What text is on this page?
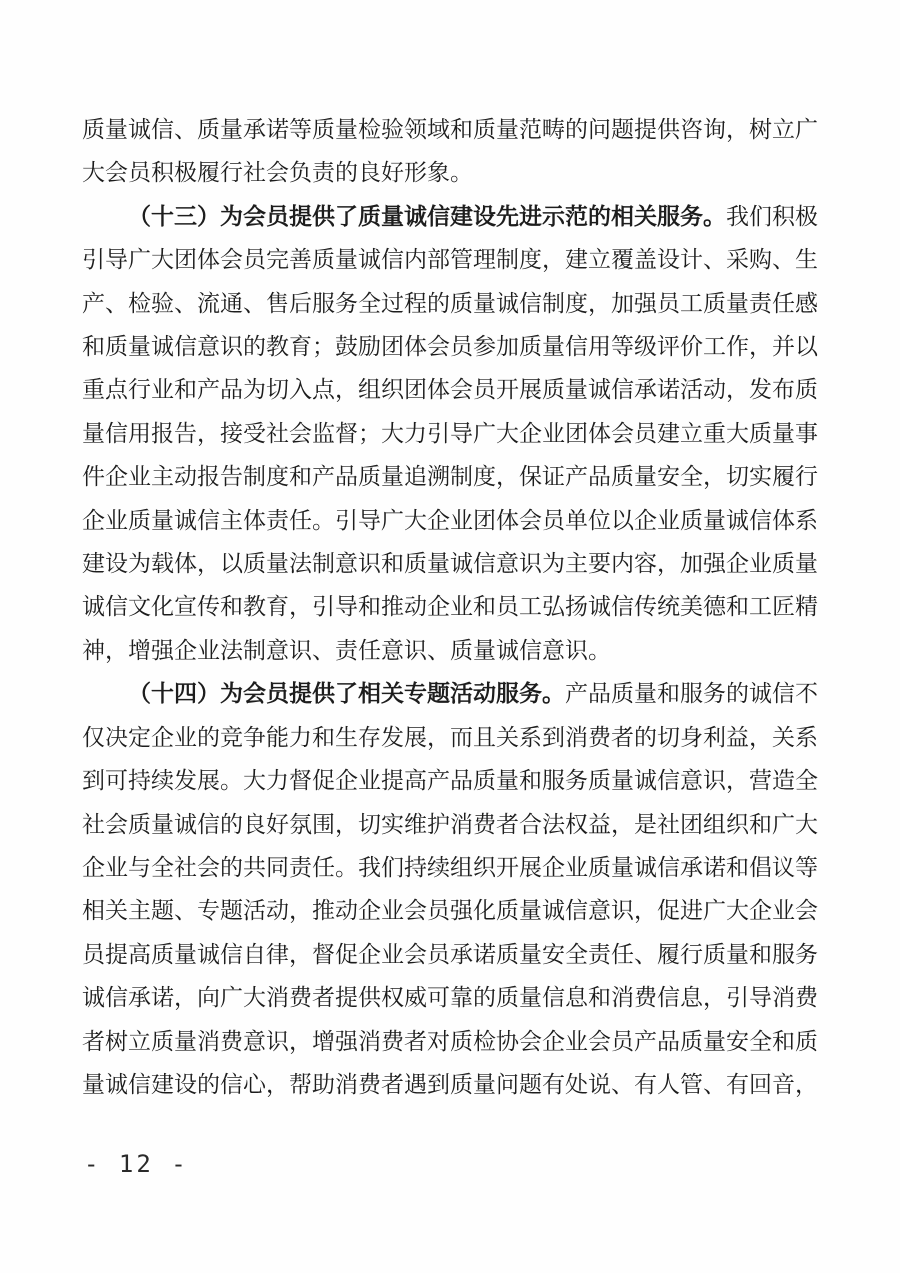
质量诚信、质量承诺等质量检验领域和质量范畴的问题提供咨询，树立广大会员积极履行社会负责的良好形象。

（十三）为会员提供了质量诚信建设先进示范的相关服务。我们积极引导广大团体会员完善质量诚信内部管理制度，建立覆盖设计、采购、生产、检验、流通、售后服务全过程的质量诚信制度，加强员工质量责任感和质量诚信意识的教育；鼓励团体会员参加质量信用等级评价工作，并以重点行业和产品为切入点，组织团体会员开展质量诚信承诺活动，发布质量信用报告，接受社会监督；大力引导广大企业团体会员建立重大质量事件企业主动报告制度和产品质量追溯制度，保证产品质量安全，切实履行企业质量诚信主体责任。引导广大企业团体会员单位以企业质量诚信体系建设为载体，以质量法制意识和质量诚信意识为主要内容，加强企业质量诚信文化宣传和教育，引导和推动企业和员工弘扬诚信传统美德和工匠精神，增强企业法制意识、责任意识、质量诚信意识。

（十四）为会员提供了相关专题活动服务。产品质量和服务的诚信不仅决定企业的竞争能力和生存发展，而且关系到消费者的切身利益，关系到可持续发展。大力督促企业提高产品质量和服务质量诚信意识，营造全社会质量诚信的良好氛围，切实维护消费者合法权益，是社团组织和广大企业与全社会的共同责任。我们持续组织开展企业质量诚信承诺和倡议等相关主题、专题活动，推动企业会员强化质量诚信意识，促进广大企业会员提高质量诚信自律，督促企业会员承诺质量安全责任、履行质量和服务诚信承诺，向广大消费者提供权威可靠的质量信息和消费信息，引导消费者树立质量消费意识，增强消费者对质检协会企业会员产品质量安全和质量诚信建设的信心，帮助消费者遇到质量问题有处说、有人管、有回音，

- 12 -
